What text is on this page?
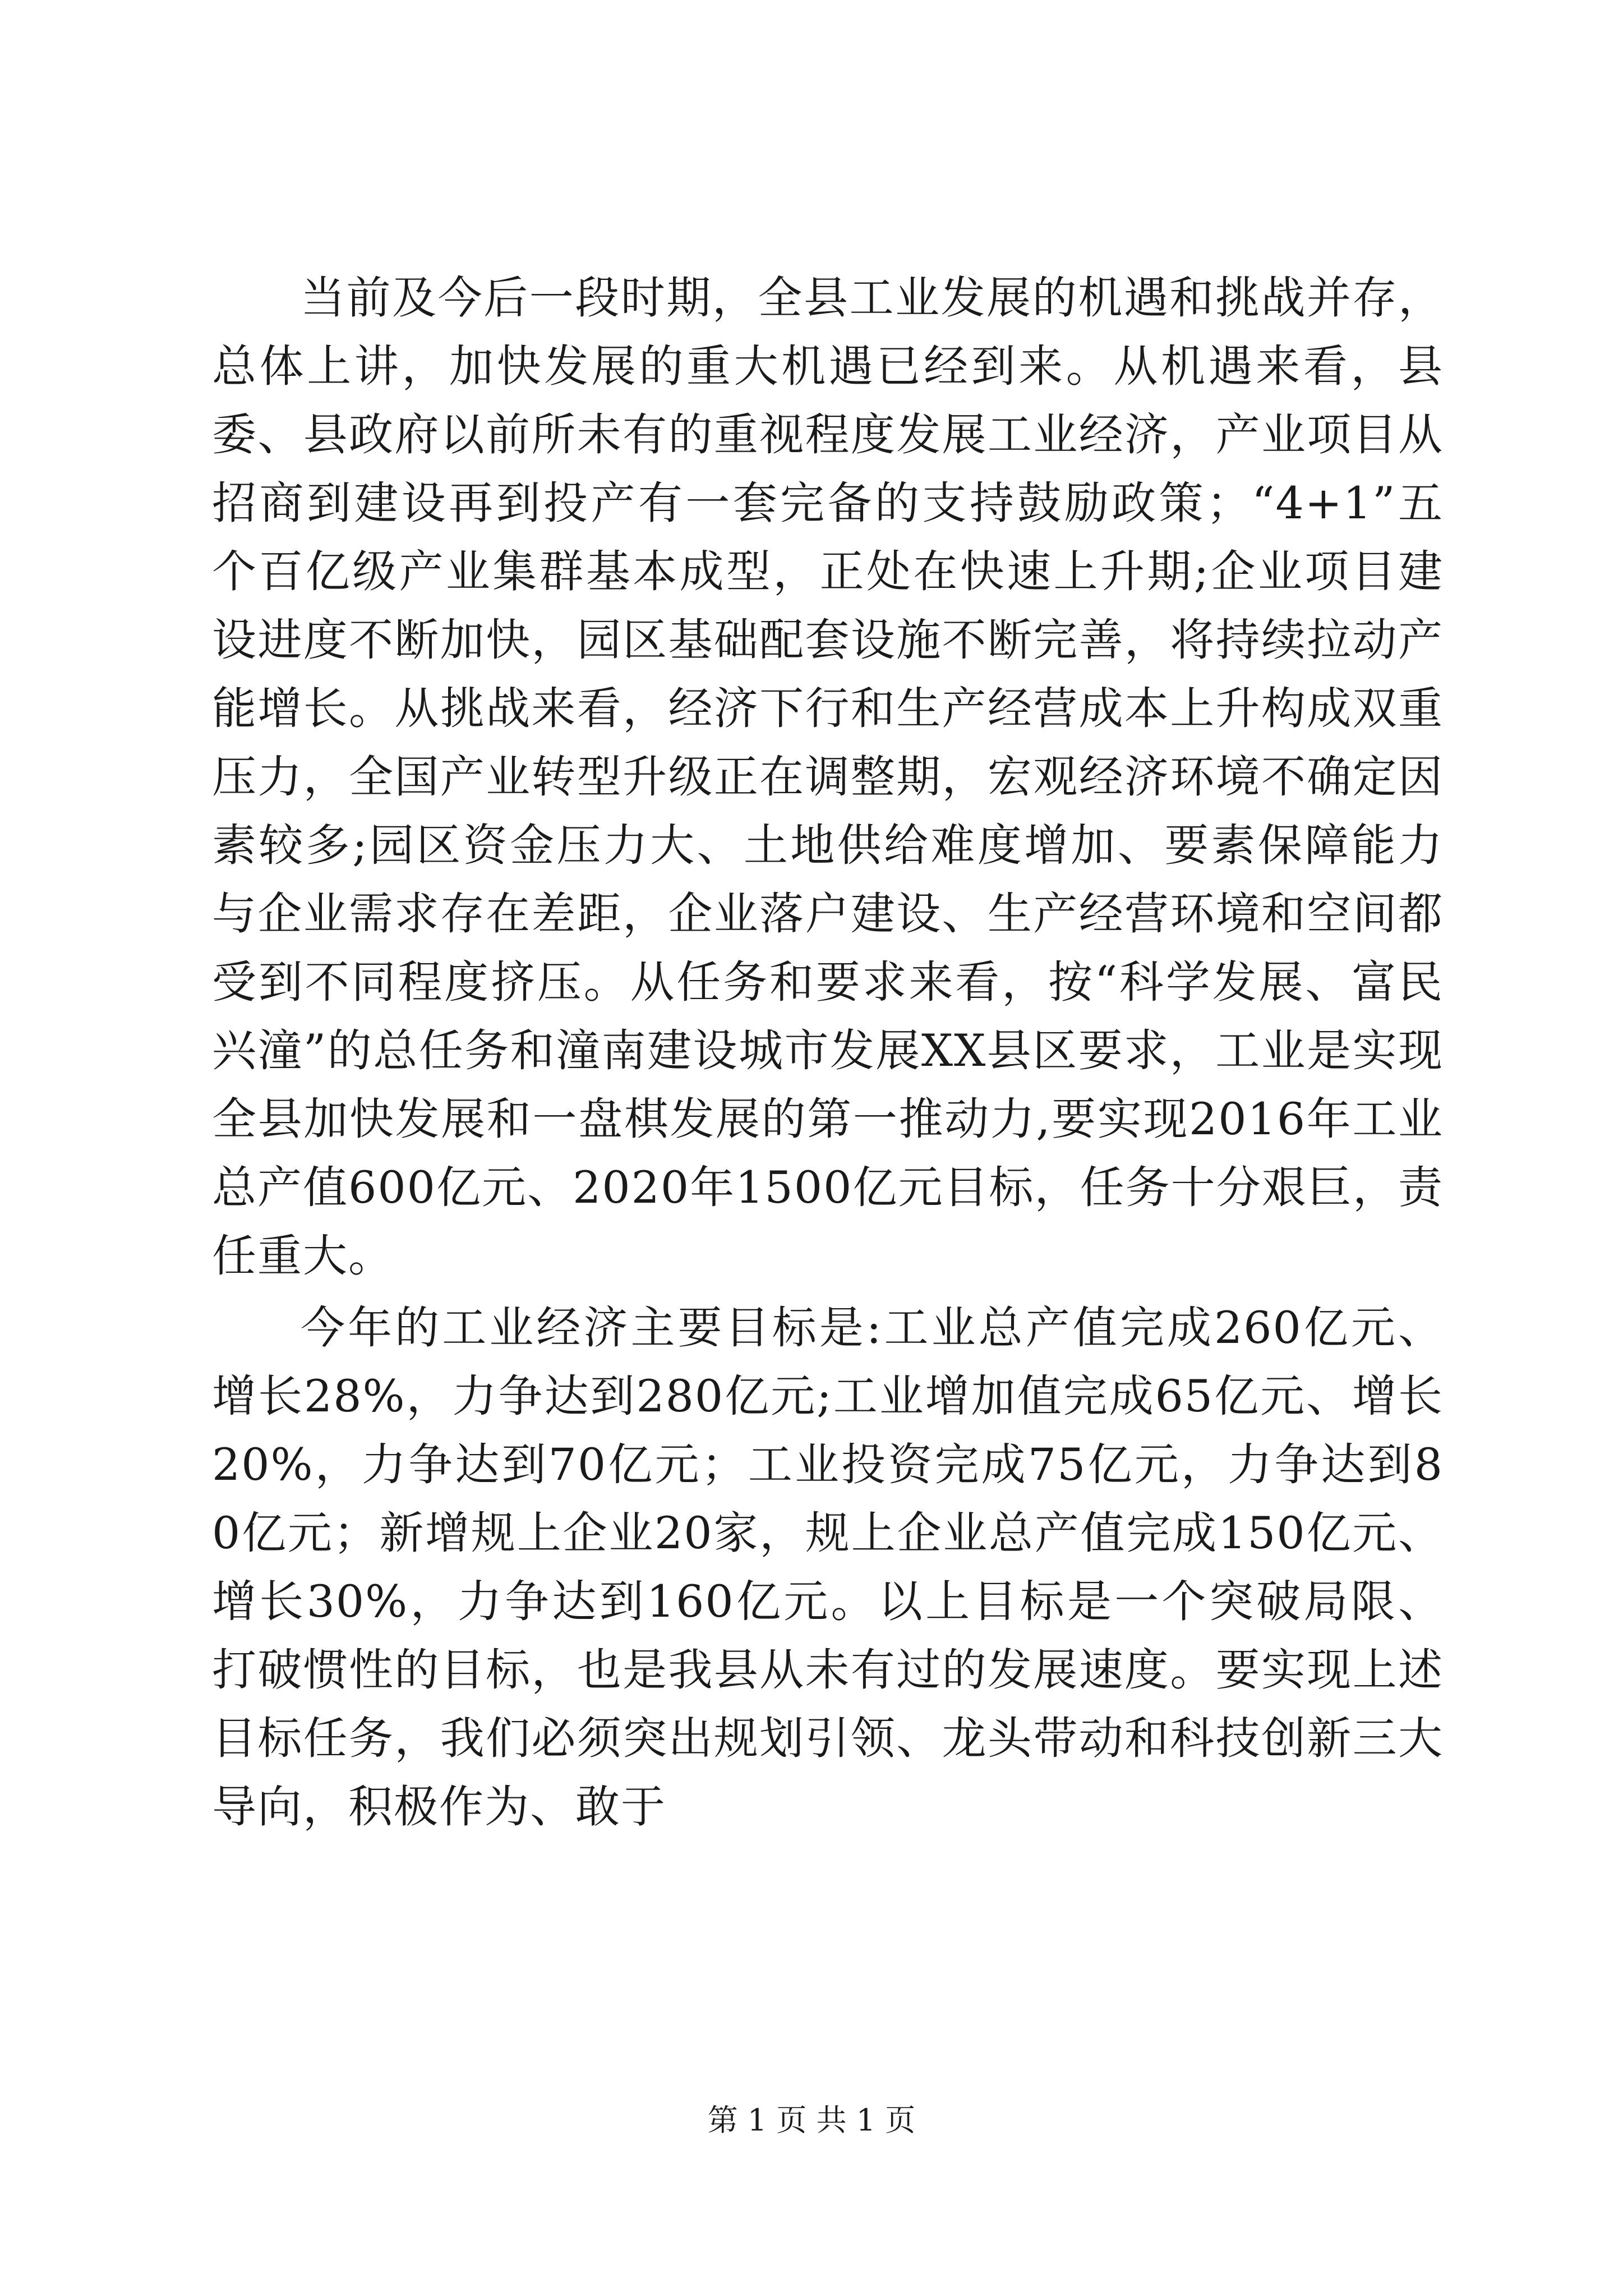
当前及今后一段时期，全县工业发展的机遇和挑战并存，总体上讲，加快发展的重大机遇已经到来。从机遇来看，县委、县政府以前所未有的重视程度发展工业经济，产业项目从招商到建设再到投产有一套完备的支持鼓励政策；“4+1”五个百亿级产业集群基本成型，正处在快速上升期;企业项目建设进度不断加快，园区基础配套设施不断完善，将持续拉动产能增长。从挑战来看，经济下行和生产经营成本上升构成双重压力，全国产业转型升级正在调整期，宏观经济环境不确定因素较多;园区资金压力大、土地供给难度增加、要素保障能力与企业需求存在差距，企业落户建设、生产经营环境和空间都受到不同程度挤压。从任务和要求来看，按“科学发展、富民兴潼”的总任务和潼南建设城市发展XX县区要求，工业是实现全县加快发展和一盘棋发展的第一推动力,要实现2016年工业总产值600亿元、2020年1500亿元目标，任务十分艰巨，责任重大。

今年的工业经济主要目标是:工业总产值完成260亿元、增长28%，力争达到280亿元;工业增加值完成65亿元、增长20%，力争达到70亿元；工业投资完成75亿元，力争达到80亿元；新增规上企业20家，规上企业总产值完成150亿元、增长30%，力争达到160亿元。以上目标是一个突破局限、打破惯性的目标，也是我县从未有过的发展速度。要实现上述目标任务，我们必须突出规划引领、龙头带动和科技创新三大导向，积极作为、敢于

第 1 页 共 1 页
